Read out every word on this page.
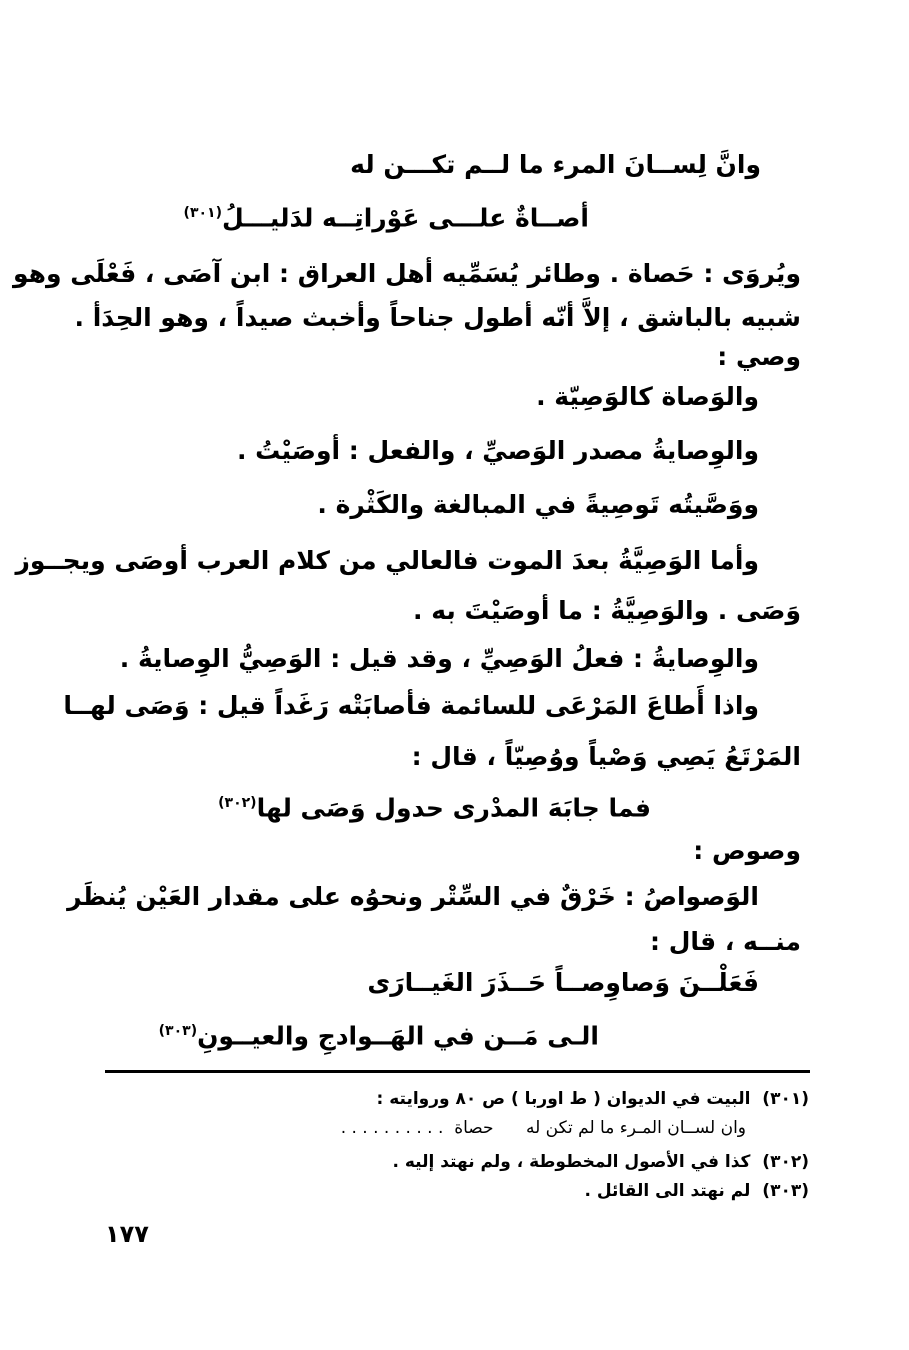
وانَّ لِســانَ المرء ما لــم تكـــن له
أصــاةٌ علـــى عَوْراتِــه لدَليـــلُ$^{(٣٠١)}$
ويُروَى : حَصاة . وطائر يُسَمِّيه أهل العراق : ابن آصَى ، فَعْلَى وهو
شبيه بالباشق ، إلاَّ أنّه أطول جناحاً وأخبث صيداً ، وهو الحِدَأ .
وصي :
والوَصاة كالوَصِيّة .
والوِصايةُ مصدر الوَصيِّ ، والفعل : أوصَيْتُ .
ووَصَّيتُه تَوصِيةً في المبالغة والكَثْرة .
وأما الوَصِيَّةُ بعدَ الموت فالعالي من كلام العرب أوصَى ويجــوز
وَصَى . والوَصِيَّةُ : ما أوصَيْتَ به .
والوِصايةُ : فعلُ الوَصِيِّ ، وقد قيل : الوَصِيُّ الوِصايةُ .
واذا أَطاعَ المَرْعَى للسائمة فأصابَتْه رَغَداً قيل : وَصَى لهــا
المَرْتَعُ يَصِي وَصْياً ووُصِيّاً ، قال :
فما جابَهَ المدْرى حدول وَصَى لها$^{(٣٠٢)}$
وصوص :
الوَصواصُ : خَرْقٌ في السِّتْر ونحوُه على مقدار العَيْن يُنظَر
منــه ، قال :
فَعَلْــنَ وَصاوِصــاً حَــذَرَ الغَيــارَى
الـى مَــن في الهَــوادجِ والعيــونِ$^{(٣٠٣)}$
(٣٠١)  البيت في الديوان ( ط اوربا ) ص ٨٠ وروايته :
وان لســان المـرء ما لم تكن له      حصاة  . . . . . . . . . .
(٣٠٢)  كذا في الأصول المخطوطة ، ولم نهتد إليه .
(٣٠٣)  لم نهتد الى القائل .
١٧٧
